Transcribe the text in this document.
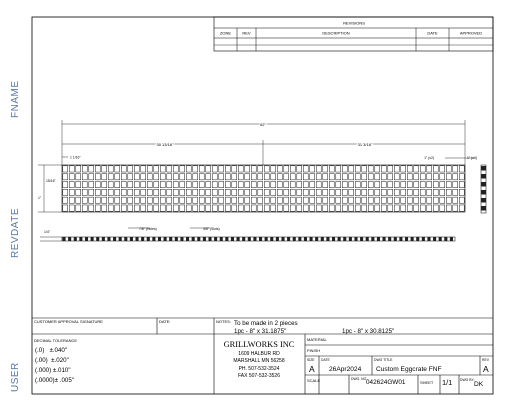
FNAME
REVDATE
USER
REVISIONS
ZONE	REV	DESCRIPTION	DATE	APPROVED
62"
30 13/16"	31 3/16"
1 1/16"
15/16"
1" (x2)	1" (x4)
1"
1/4"
7/8" (Holes)	3/8" (Slots)
CUSTOMER APPROVAL SIGNATURE	DATE:	NOTES: To be made in 2 pieces
1pc - 8" x 31.1875"	1pc - 8" x 30.8125"
DECIMAL TOLERANCE
(.0)   ±.040"
(.00)  ±.020"
(.000) ±.010"
(.0000)± .005"
GRILLWORKS INC
1609 HALBUR RD
MARSHALL MN 56258
PH. 507-532-3524
FAX 507-532-3526
MATERIAL
FINISH
SIZE
A
DATE
26Apr2024
DWG TITLE
Custom Eggcrate FNF
REV
A
SCALE	DWG. NO.
042624GW01	SHEET 1/1 DWG BY:
DK
